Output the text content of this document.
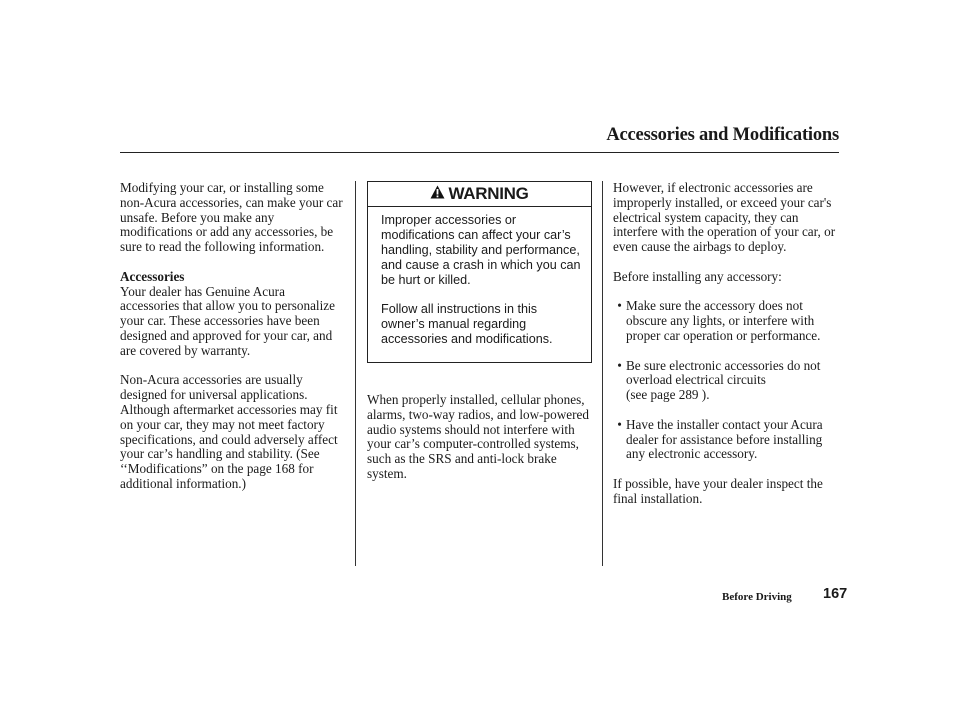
Accessories and Modifications

Modifying your car, or installing some non-Acura accessories, can make your car unsafe. Before you make any modifications or add any accessories, be sure to read the following information.

Accessories

Your dealer has Genuine Acura accessories that allow you to personalize your car. These accessories have been designed and approved for your car, and are covered by warranty.

Non-Acura accessories are usually designed for universal applications. Although aftermarket accessories may fit on your car, they may not meet factory specifications, and could adversely affect your car’s handling and stability. (See ‘‘Modifications” on the page 168 for additional information.)

WARNING

Improper accessories or modifications can affect your car’s handling, stability and performance, and cause a crash in which you can be hurt or killed.

Follow all instructions in this owner’s manual regarding accessories and modifications.

When properly installed, cellular phones, alarms, two-way radios, and low-powered audio systems should not interfere with your car’s computer-controlled systems, such as the SRS and anti-lock brake system.

However, if electronic accessories are improperly installed, or exceed your car's electrical system capacity, they can interfere with the operation of your car, or even cause the airbags to deploy.

Before installing any accessory:

• Make sure the accessory does not obscure any lights, or interfere with proper car operation or performance.
• Be sure electronic accessories do not overload electrical circuits
(see page 289 ).
• Have the installer contact your Acura dealer for assistance before installing any electronic accessory.

If possible, have your dealer inspect the final installation.

Before Driving 167
